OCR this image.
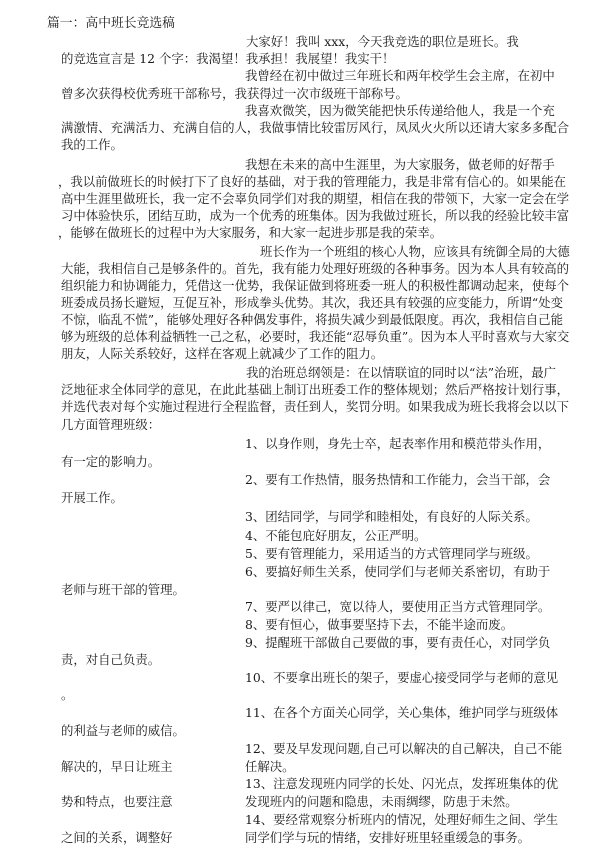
篇一：高中班长竞选稿
大家好！我叫 xxx，今天我竞选的职位是班长。我
的竞选宣言是 12 个字：我渴望！我承担！我展望！我实干！
我曾经在初中做过三年班长和两年校学生会主席，在初中
曾多次获得校优秀班干部称号，我获得过一次市级班干部称号。
我喜欢微笑，因为微笑能把快乐传递给他人，我是一个充
满激情、充满活力、充满自信的人，我做事情比较雷厉风行，凤凤火火所以还请大家多多配合
我的工作。
我想在未来的高中生涯里，为大家服务，做老师的好帮手
，我以前做班长的时候打下了良好的基础，对于我的管理能力，我是非常有信心的。如果能在
高中生涯里做班长，我一定不会辜负同学们对我的期望，相信在我的带领下，大家一定会在学
习中体验快乐，团结互助，成为一个优秀的班集体。因为我做过班长，所以我的经验比较丰富
，能够在做班长的过程中为大家服务，和大家一起进步那是我的荣幸。
班长作为一个班组的核心人物，应该具有统御全局的大德
大能，我相信自己是够条件的。首先，我有能力处理好班级的各种事务。因为本人具有较高的
组织能力和协调能力，凭借这一优势，我保证做到将班委一班人的积极性都调动起来，使每个
班委成员扬长避短，互促互补，形成拳头优势。其次，我还具有较强的应变能力，所谓“处变
不惊，临乱不慌”，能够处理好各种偶发事件，将损失减少到最低限度。再次，我相信自己能
够为班级的总体利益牺牲一己之私，必要时，我还能“忍辱负重”。因为本人平时喜欢与大家交
朋友，人际关系较好，这样在客观上就减少了工作的阻力。
我的治班总纲领是：在以情联谊的同时以“法”治班，最广
泛地征求全体同学的意见，在此此基础上制订出班委工作的整体规划；然后严格按计划行事，
并选代表对每个实施过程进行全程监督，责任到人，奖罚分明。如果我成为班长我将会以以下
几方面管理班级：
1、以身作则，身先士卒，起表率作用和模范带头作用，
2、要有工作热情，服务热情和工作能力，会当干部，会
3、团结同学，与同学和睦相处，有良好的人际关系。
4、不能包庇好朋友，公正严明。
5、要有管理能力，采用适当的方式管理同学与班级。
6、要搞好师生关系，使同学们与老师关系密切，有助于
7、要严以律己，宽以待人，要使用正当方式管理同学。
8、要有恒心，做事要坚持下去，不能半途而废。
9、提醒班干部做自己要做的事，要有责任心，对同学负
10、不要拿出班长的架子，要虚心接受同学与老师的意见
11、在各个方面关心同学，关心集体，维护同学与班级体
12、要及早发现问题,自己可以解决的自己解决，自己不能
任解决。
13、注意发现班内同学的长处、闪光点，发挥班集体的优
发现班内的问题和隐患，未雨绸缪，防患于未然。
14、要经常观察分析班内的情况，处理好师生之间、学生
同学们学与玩的情绪，安排好班里轻重缓急的事务。
有一定的影响力。
开展工作。
老师与班干部的管理。
责，对自己负责。
。
的利益与老师的威信。
解决的，早日让班主
势和特点，也要注意
之间的关系，调整好
